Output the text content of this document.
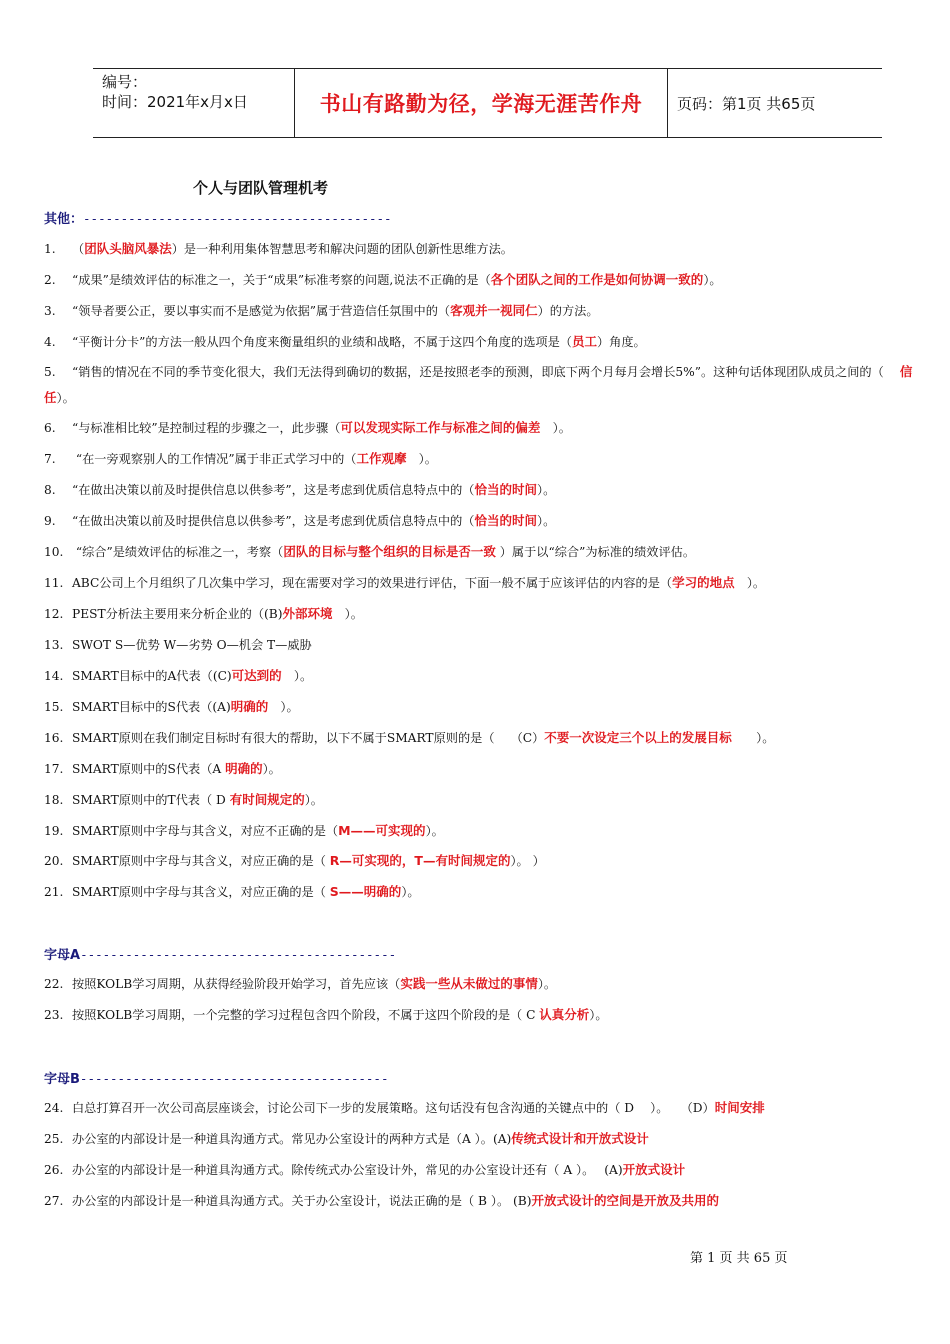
编号：
时间：2021年x月x日	书山有路勤为径，学海无涯苦作舟 页码：第1页 共65页
个人与团队管理机考
其他：-----------------------------------------
字母A------------------------------------------
字母B-----------------------------------------
1. （团队头脑风暴法）是一种利用集体智慧思考和解决问题的团队创新性思维方法。
2. “成果”是绩效评估的标准之一，关于“成果”标准考察的问题,说法不正确的是（各个团队之间的工作是如何协调一致的）。
3. “领导者要公正，要以事实而不是感觉为依据”属于营造信任氛围中的（客观并一视同仁）的方法。
4. “平衡计分卡”的方法一般从四个角度来衡量组织的业绩和战略，不属于这四个角度的选项是（员工）角度。
5. “销售的情况在不同的季节变化很大，我们无法得到确切的数据，还是按照老李的预测，即底下两个月每月会增长5%”。这种句话体现团队成员之间的（　 信任）。
6. “与标准相比较”是控制过程的步骤之一，此步骤（可以发现实际工作与标准之间的偏差　）。
7. “在一旁观察别人的工作情况”属于非正式学习中的（工作观摩　）。
8. “在做出决策以前及时提供信息以供参考”，这是考虑到优质信息特点中的（恰当的时间）。
9. “在做出决策以前及时提供信息以供参考”，这是考虑到优质信息特点中的（恰当的时间）。
10. “综合”是绩效评估的标准之一，考察（团队的目标与整个组织的目标是否一致 ）属于以“综合”为标准的绩效评估。
11. ABC公司上个月组织了几次集中学习，现在需要对学习的效果进行评估，下面一般不属于应该评估的内容的是（学习的地点　）。
12. PEST分析法主要用来分析企业的（(B)外部环境　）。
13. SWOT S—优势 W—劣势 O—机会 T—威胁
14. SMART目标中的A代表（(C)可达到的　）。
15. SMART目标中的S代表（(A)明确的　）。
16. SMART原则在我们制定目标时有很大的帮助，以下不属于SMART原则的是（　 （C）不要一次设定三个以上的发展目标　　）。
17. SMART原则中的S代表（A 明确的）。
18. SMART原则中的T代表（ D 有时间规定的）。
19. SMART原则中字母与其含义，对应不正确的是（M——可实现的）。
20. SMART原则中字母与其含义，对应正确的是（ R—可实现的，T—有时间规定的）。 ）
21. SMART原则中字母与其含义，对应正确的是（ S——明确的）。
22. 按照KOLB学习周期，从获得经验阶段开始学习，首先应该（实践一些从未做过的事情）。
23. 按照KOLB学习周期，一个完整的学习过程包含四个阶段，不属于这四个阶段的是（ C 认真分析）。
24. 白总打算召开一次公司高层座谈会，讨论公司下一步的发展策略。这句话没有包含沟通的关键点中的（ D　 ）。　　（D）时间安排
25. 办公室的内部设计是一种道具沟通方式。常见办公室设计的两种方式是（A ）。(A)传统式设计和开放式设计
26. 办公室的内部设计是一种道具沟通方式。除传统式办公室设计外，常见的办公室设计还有（ A ）。　 (A)开放式设计
27. 办公室的内部设计是一种道具沟通方式。关于办公室设计，说法正确的是（ B ）。 (B)开放式设计的空间是开放及共用的
第 1 页 共 65 页
